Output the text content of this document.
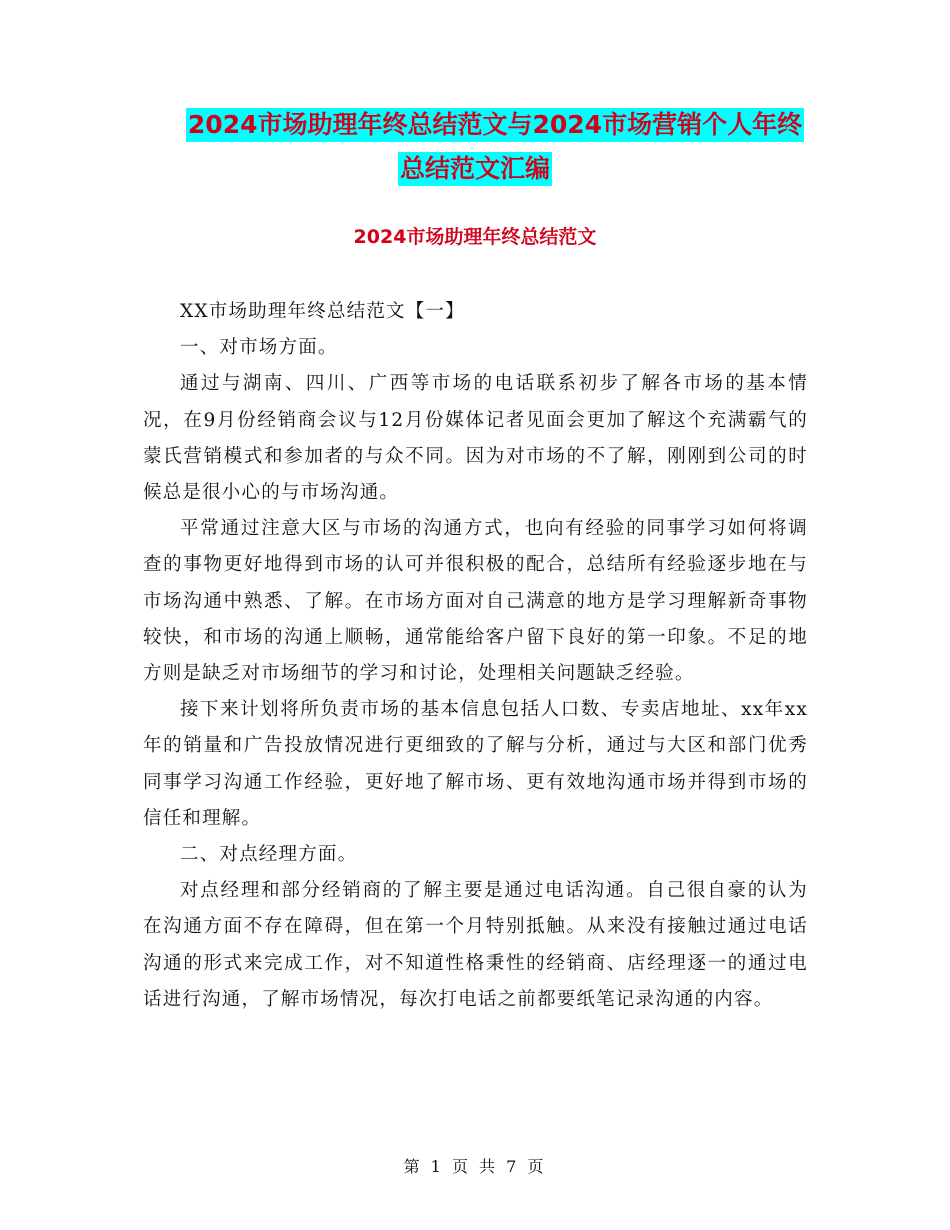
2024市场助理年终总结范文与2024市场营销个人年终
总结范文汇编
2024市场助理年终总结范文

XX市场助理年终总结范文【一】

一、对市场方面。

通过与湖南、四川、广西等市场的电话联系初步了解各市场的基本情况，在9月份经销商会议与12月份媒体记者见面会更加了解这个充满霸气的蒙氏营销模式和参加者的与众不同。因为对市场的不了解，刚刚到公司的时候总是很小心的与市场沟通。

平常通过注意大区与市场的沟通方式，也向有经验的同事学习如何将调查的事物更好地得到市场的认可并很积极的配合，总结所有经验逐步地在与市场沟通中熟悉、了解。在市场方面对自己满意的地方是学习理解新奇事物较快，和市场的沟通上顺畅，通常能给客户留下良好的第一印象。不足的地方则是缺乏对市场细节的学习和讨论，处理相关问题缺乏经验。

接下来计划将所负责市场的基本信息包括人口数、专卖店地址、xx年xx年的销量和广告投放情况进行更细致的了解与分析，通过与大区和部门优秀同事学习沟通工作经验，更好地了解市场、更有效地沟通市场并得到市场的信任和理解。

二、对点经理方面。

对点经理和部分经销商的了解主要是通过电话沟通。自己很自豪的认为在沟通方面不存在障碍，但在第一个月特别抵触。从来没有接触过通过电话沟通的形式来完成工作，对不知道性格秉性的经销商、店经理逐一的通过电话进行沟通，了解市场情况，每次打电话之前都要纸笔记录沟通的内容。

第 1 页 共 7 页
